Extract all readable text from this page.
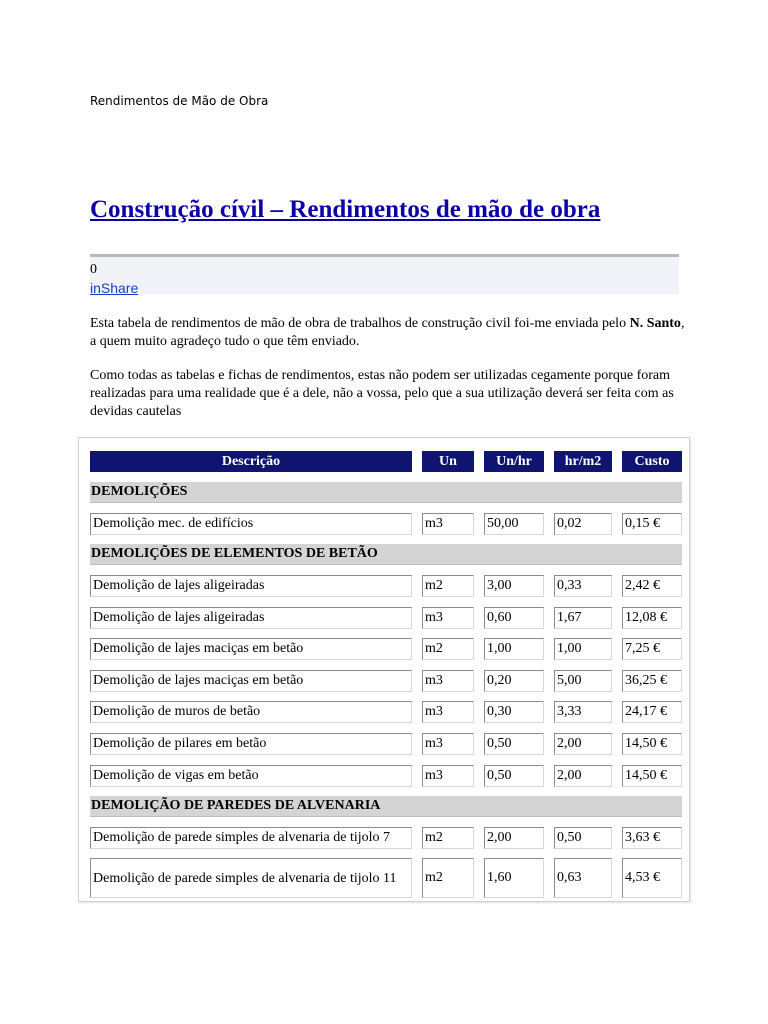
Rendimentos de Mão de Obra
Construção cívil – Rendimentos de mão de obra
0
inShare

Esta tabela de rendimentos de mão de obra de trabalhos de construção civil foi-me enviada pelo N. Santo, a quem muito agradeço tudo o que têm enviado.

Como todas as tabelas e fichas de rendimentos, estas não podem ser utilizadas cegamente porque foram realizadas para uma realidade que é a dele, não a vossa, pelo que a sua utilização deverá ser feita com as devidas cautelas

Descrição	Un	Un/hr	hr/m2	Custo
DEMOLIÇÕES
Demolição mec. de edifícios	m3	50,00	0,02	0,15 €
DEMOLIÇÕES DE ELEMENTOS DE BETÃO
Demolição de lajes aligeiradas	m2	3,00	0,33	2,42 €
Demolição de lajes aligeiradas	m3	0,60	1,67	12,08 €
Demolição de lajes maciças em betão	m2	1,00	1,00	7,25 €
Demolição de lajes maciças em betão	m3	0,20	5,00	36,25 €
Demolição de muros de betão	m3	0,30	3,33	24,17 €
Demolição de pilares em betão	m3	0,50	2,00	14,50 €
Demolição de vigas em betão	m3	0,50	2,00	14,50 €
DEMOLIÇÃO DE PAREDES DE ALVENARIA
Demolição de parede simples de alvenaria de tijolo 7	m2	2,00	0,50	3,63 €
Demolição de parede simples de alvenaria de tijolo 11	m2	1,60	0,63	4,53 €
